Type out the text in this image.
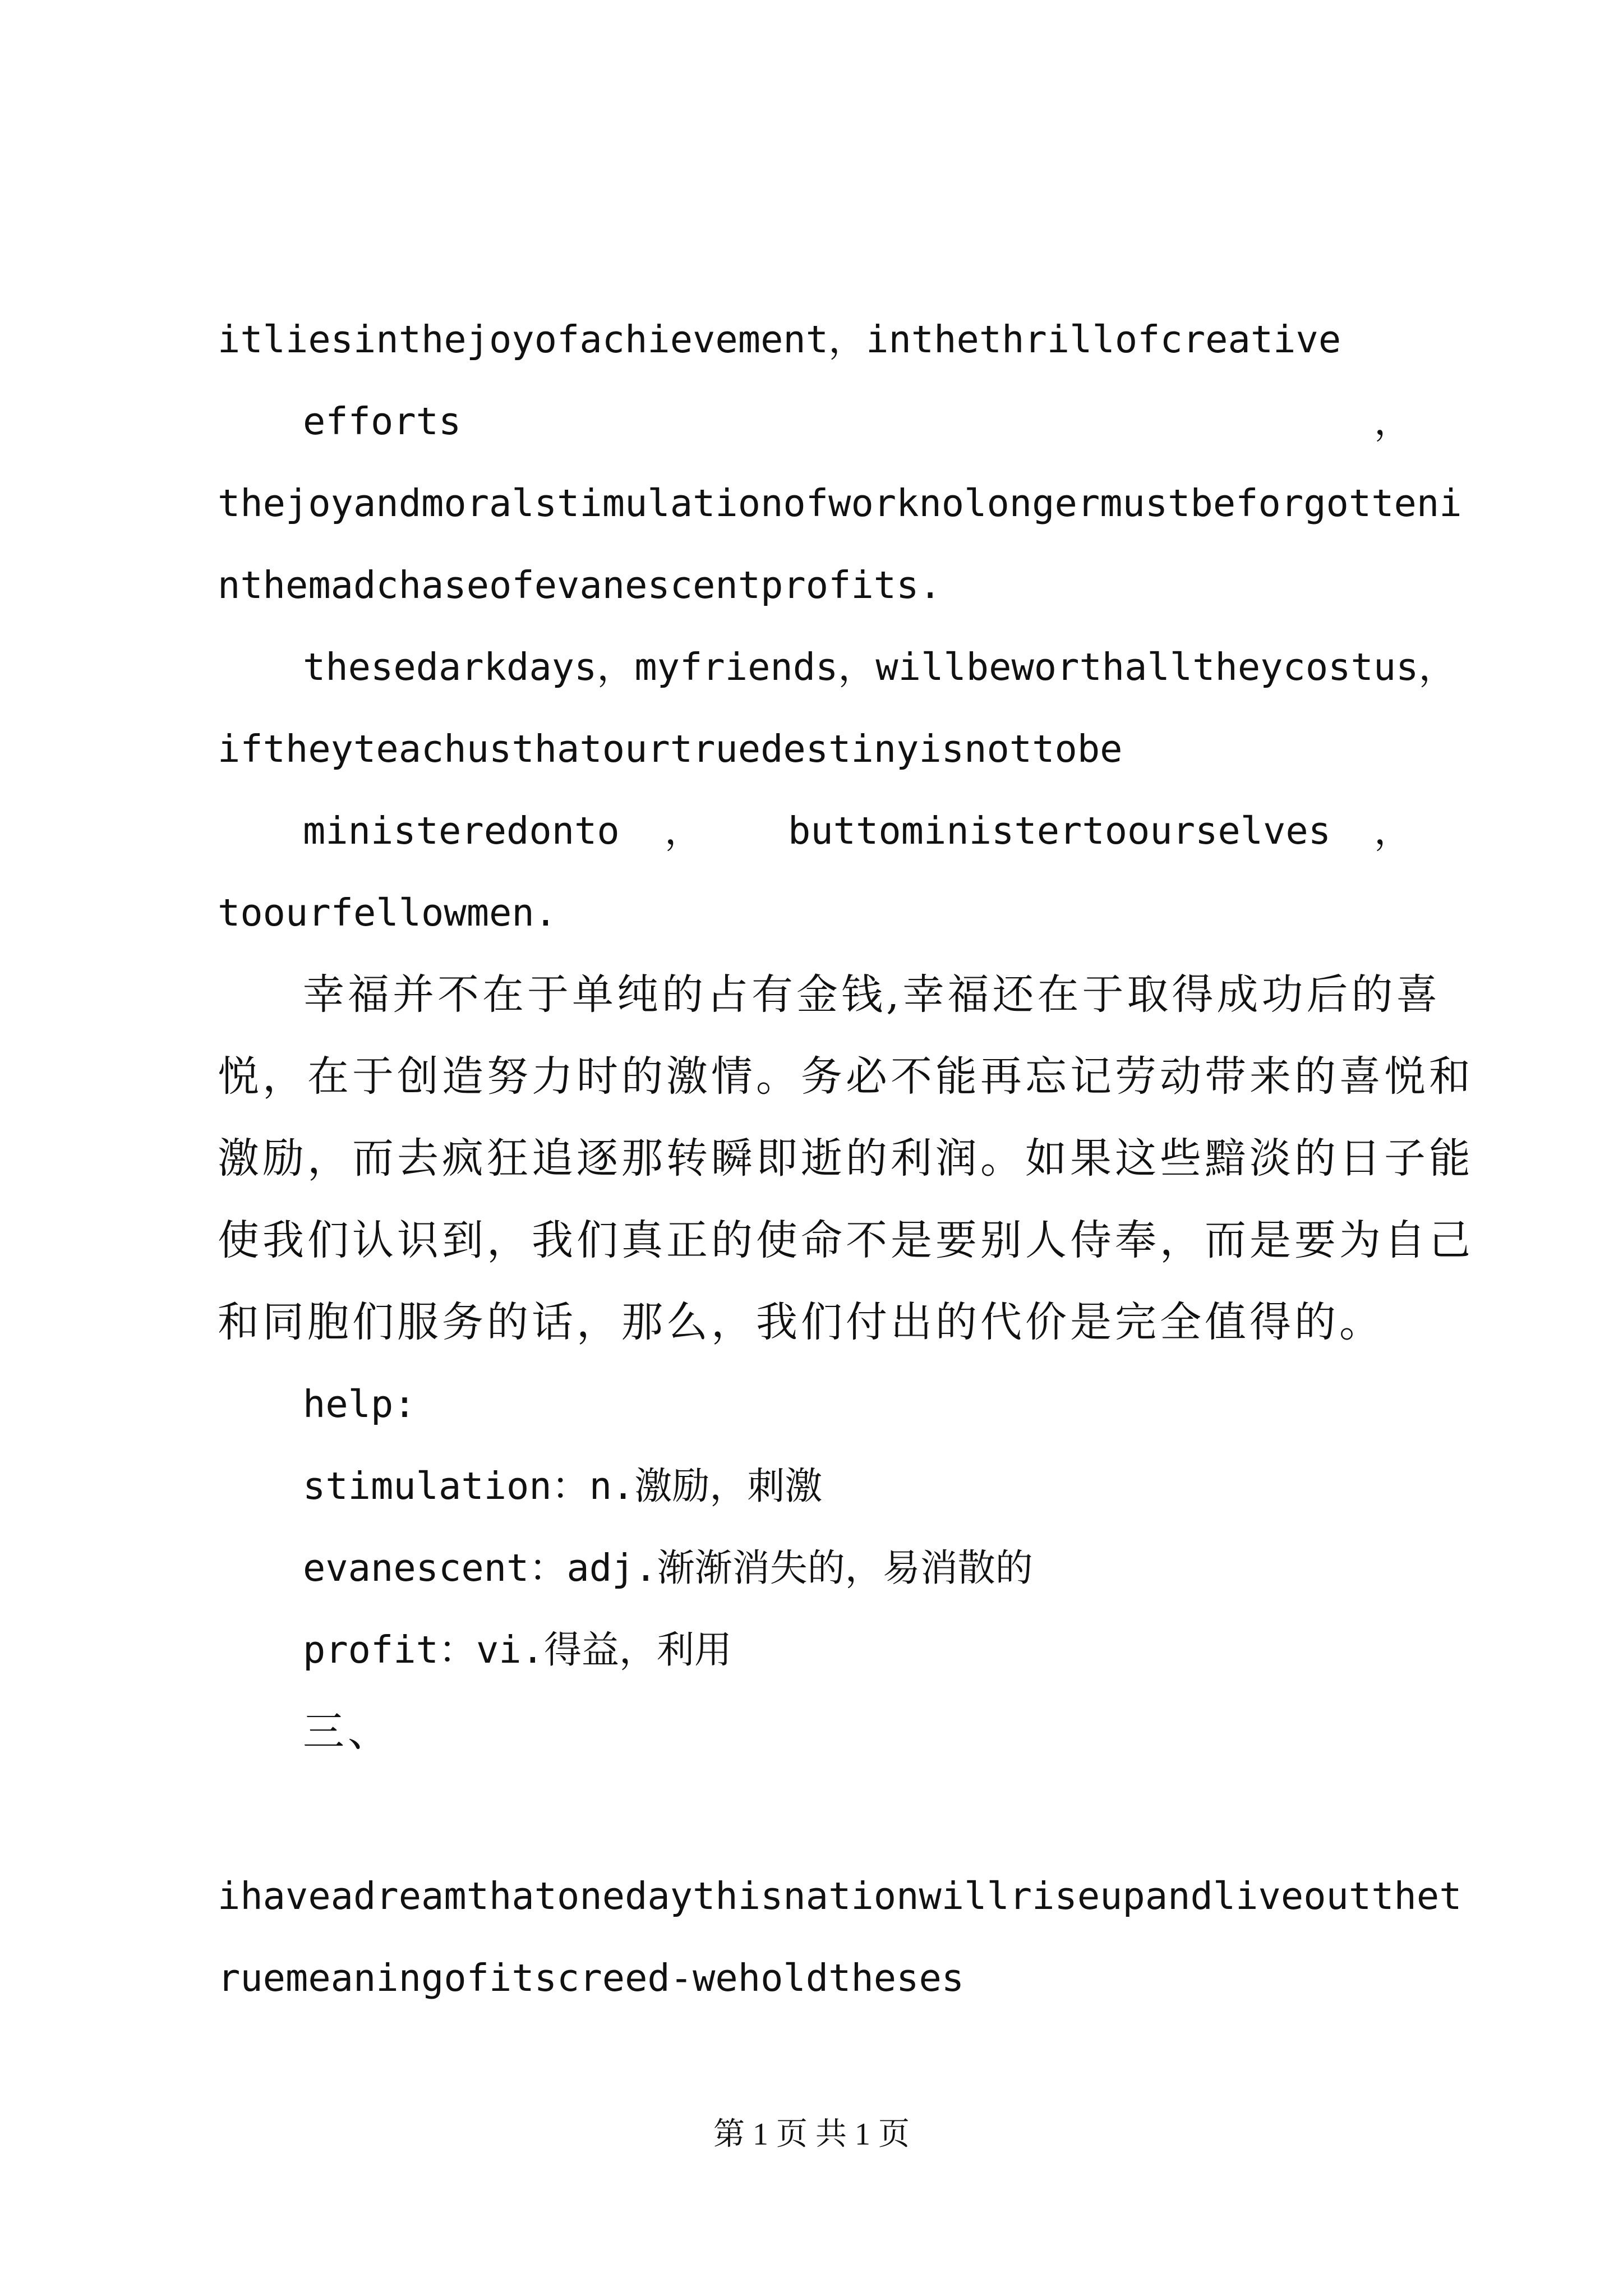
itliesinthejoyofachievement，inthethrillofcreative
efforts	，
thejoyandmoralstimulationofworknolongermustbeforgotteni
nthemadchaseofevanescentprofits.
thesedarkdays，myfriends，willbeworthalltheycostus，
iftheyteachusthatourtruedestinyisnottobe
ministeredonto ， buttoministertoourselves ，
toourfellowmen.
幸福并不在于单纯的占有金钱,幸福还在于取得成功后的喜
悦，在于创造努力时的激情。务必不能再忘记劳动带来的喜悦和
激励，而去疯狂追逐那转瞬即逝的利润。如果这些黯淡的日子能
使我们认识到，我们真正的使命不是要别人侍奉，而是要为自己
和同胞们服务的话，那么，我们付出的代价是完全值得的。
help:
stimulation：n.激励，刺激
evanescent：adj.渐渐消失的，易消散的
profit：vi.得益，利用
三、
ihaveadreamthatonedaythisnationwillriseupandliveoutthet
ruemeaningofitscreed-weholdtheses
第 1 页 共 1 页
